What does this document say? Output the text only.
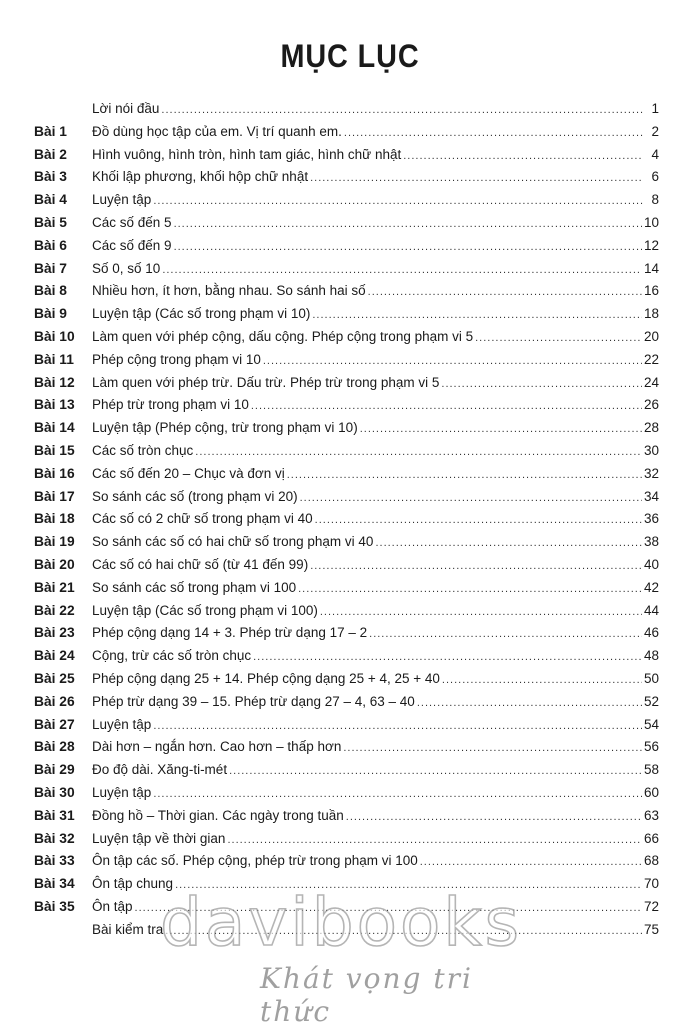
MỤC LỤC
Lời nói đầu .....	1
Bài 1	Đồ dùng học tập của em. Vị trí quanh em. .....	2
Bài 2	Hình vuông, hình tròn, hình tam giác, hình chữ nhật .....	4
Bài 3	Khối lập phương, khối hộp chữ nhật .....	6
Bài 4	Luyện tập .....	8
Bài 5	Các số đến 5 .....	10
Bài 6	Các số đến 9 .....	12
Bài 7	Số 0, số 10 .....	14
Bài 8	Nhiều hơn, ít hơn, bằng nhau. So sánh hai số .....	16
Bài 9	Luyện tập (Các số trong phạm vi 10) .....	18
Bài 10	Làm quen với phép cộng, dấu cộng. Phép cộng trong phạm vi 5 .....	20
Bài 11	Phép cộng trong phạm vi 10 .....	22
Bài 12	Làm quen với phép trừ. Dấu trừ. Phép trừ trong phạm vi 5 .....	24
Bài 13	Phép trừ trong phạm vi 10 .....	26
Bài 14	Luyện tập (Phép cộng, trừ trong phạm vi 10) .....	28
Bài 15	Các số tròn chục .....	30
Bài 16	Các số đến 20 – Chục và đơn vị .....	32
Bài 17	So sánh các số (trong phạm vi 20) .....	34
Bài 18	Các số có 2 chữ số trong phạm vi 40 .....	36
Bài 19	So sánh các số có hai chữ số trong phạm vi 40 .....	38
Bài 20	Các số có hai chữ số (từ 41 đến 99) .....	40
Bài 21	So sánh các số trong phạm vi 100 .....	42
Bài 22	Luyện tập (Các số trong phạm vi 100) .....	44
Bài 23	Phép cộng dạng 14 + 3. Phép trừ dạng 17 – 2 .....	46
Bài 24	Cộng, trừ các số tròn chục .....	48
Bài 25	Phép cộng dạng 25 + 14. Phép cộng dạng 25 + 4, 25 + 40 .....	50
Bài 26	Phép trừ dạng 39 – 15. Phép trừ dạng 27 – 4, 63 – 40 .....	52
Bài 27	Luyện tập .....	54
Bài 28	Dài hơn – ngắn hơn. Cao hơn – thấp hơn .....	56
Bài 29	Đo độ dài. Xăng-ti-mét .....	58
Bài 30	Luyện tập .....	60
Bài 31	Đồng hồ – Thời gian. Các ngày trong tuần .....	63
Bài 32	Luyện tập về thời gian .....	66
Bài 33	Ôn tập các số. Phép cộng, phép trừ trong phạm vi 100 .....	68
Bài 34	Ôn tập chung .....	70
Bài 35	Ôn tập .....	72
Bài kiểm tra .....	75
davibooks
Khát vọng tri thức
